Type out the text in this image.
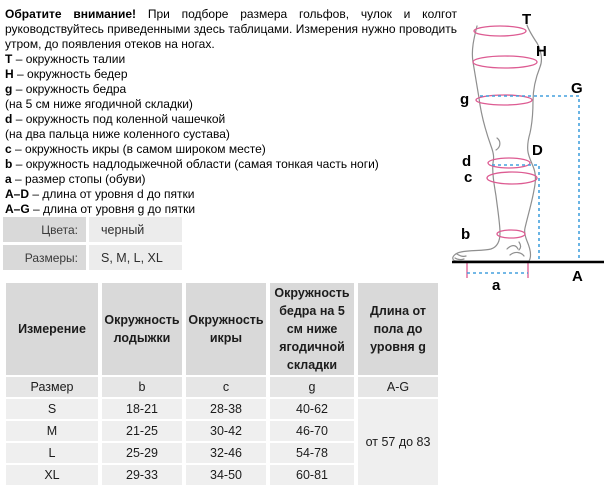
Обратите внимание! При подборе размера гольфов, чулок и колгот руководствуйтесь приведенными здесь таблицами. Измерения нужно проводить утром, до появления отеков на ногах.

T – окружность талии
H – окружность бедер
g – окружность бедра
(на 5 см ниже ягодичной складки)
d – окружность под коленной чашечкой
(на два пальца ниже коленного сустава)
c – окружность икры (в самом широком месте)
b – окружность надлодыжечной области (самая тонкая часть ноги)
a – размер стопы (обуви)
A–D – длина от уровня d до пятки
A–G – длина от уровня g до пятки
Цвета:	черный
Размеры:	S, M, L, XL
Измерение	Окружность лодыжки	Окружность икры	Окружность бедра на 5 см ниже ягодичной складки	Длина от пола до уровня g
Размер	b	c	g	A-G
S	18-21	28-38	40-62	от 57 до 83
M	21-25	30-42	46-70	
L	25-29	32-46	54-78	
XL	29-33	34-50	60-81	
T
H
G
g
D
d
c
b
a
A
